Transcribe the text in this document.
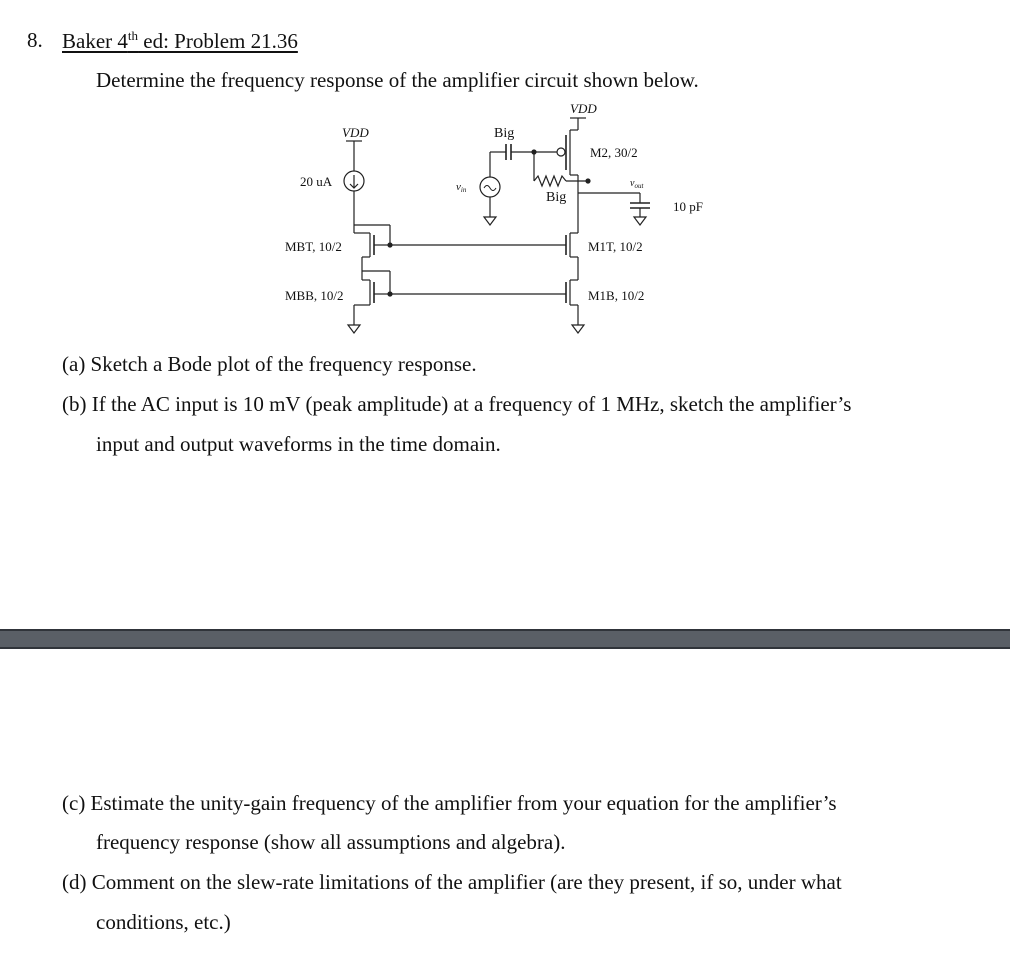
8. Baker 4th ed: Problem 21.36
Determine the frequency response of the amplifier circuit shown below.
VDD
M2, 30/2
Big
vin	Big
$v_{out}$
10 pF
M1T, 10/2
M1B, 10/2
VDD
20 uA
MBT, 10/2
MBB, 10/2
(a) Sketch a Bode plot of the frequency response.
(b) If the AC input is 10 mV (peak amplitude) at a frequency of 1 MHz, sketch the amplifier’s
input and output waveforms in the time domain.
(c) Estimate the unity-gain frequency of the amplifier from your equation for the amplifier’s
frequency response (show all assumptions and algebra).
(d) Comment on the slew-rate limitations of the amplifier (are they present, if so, under what
conditions, etc.)
